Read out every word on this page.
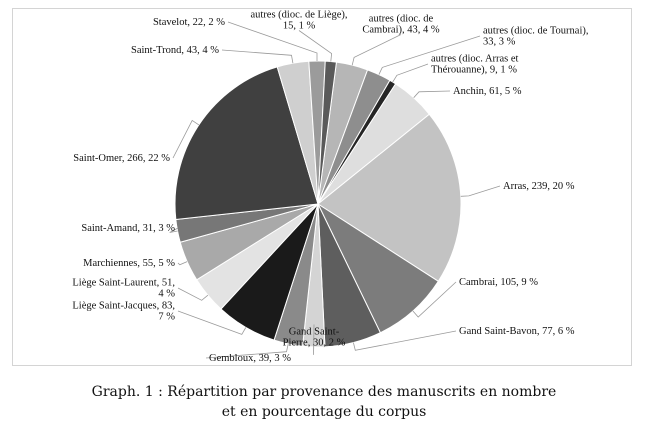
autres (dioc. de Cambrai), 43, 4 %	autres (dioc. de Tournai), 33, 3 %
autres (dioc. Arras et Thérouanne), 9, 1 %
Anchin, 61, 5 %
Arras, 239, 20 %
Cambrai, 105, 9 %
Gand Saint-Bavon, 77, 6 %
Gand Saint-Pierre, 30, 2 %
Gembloux, 39, 3 %
Liège Saint-Jacques, 83, 7 %
Liège Saint-Laurent, 51, 4 %
Marchiennes, 55, 5 %
Saint-Amand, 31, 3 %
Saint-Omer, 266, 22 %
Saint-Trond, 43, 4 %
Stavelot, 22, 2 %
autres (dioc. de Liège), 15, 1 %
Graph. 1 : Répartition par provenance des manuscrits en nombre
et en pourcentage du corpus
